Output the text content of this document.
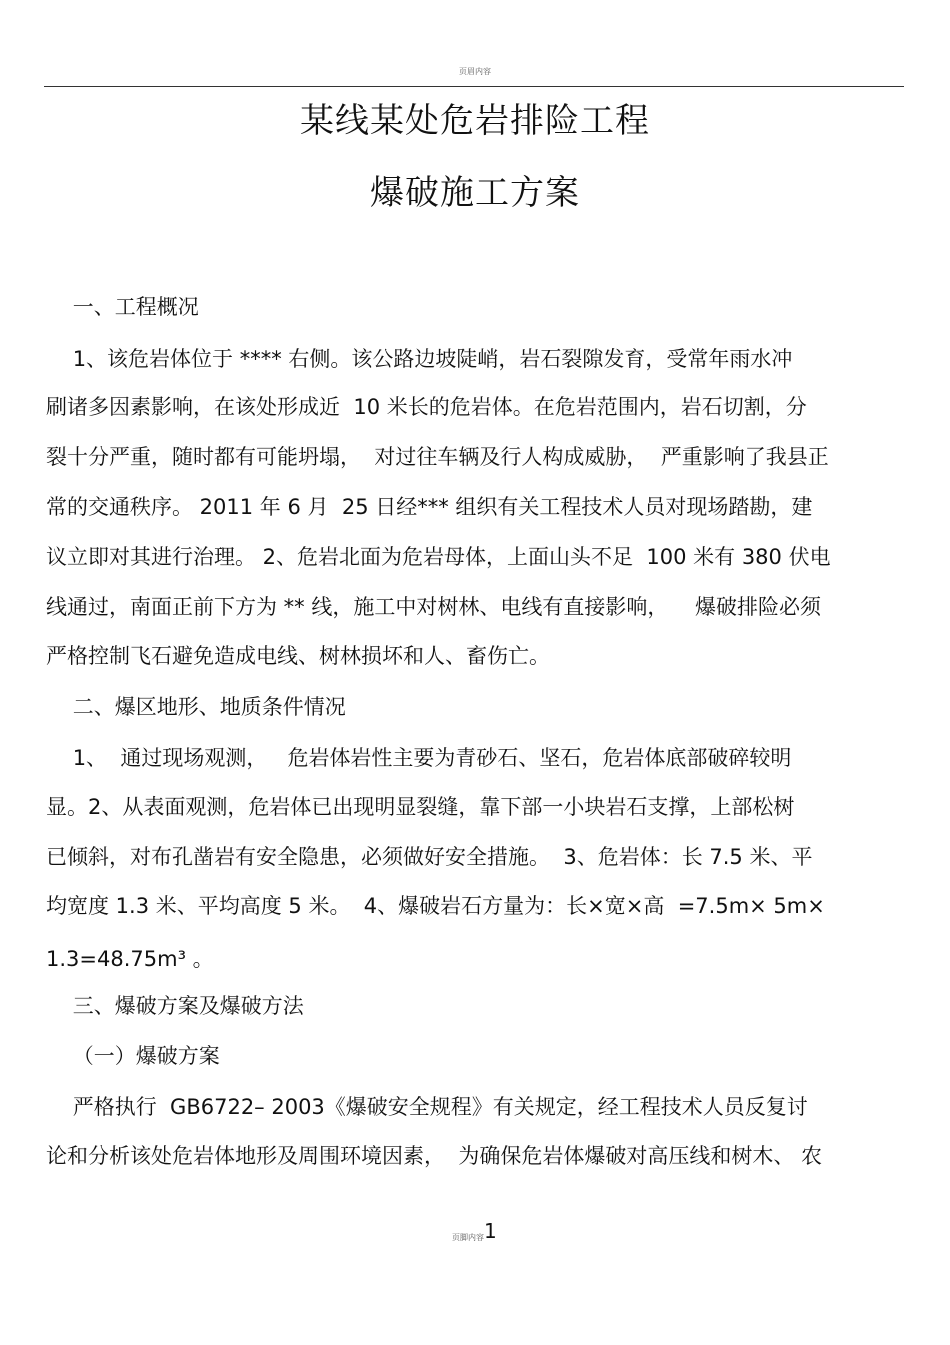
页眉内容
某线某处危岩排险工程
爆破施工方案
一、工程概况
1、该危岩体位于 **** 右侧。该公路边坡陡峭，岩石裂隙发育，受常年雨水冲
刷诸多因素影响，在该处形成近  10 米长的危岩体。在危岩范围内，岩石切割，分
裂十分严重，随时都有可能坍塌，  对过往车辆及行人构成威胁，  严重影响了我县正
常的交通秩序。 2011 年 6 月  25 日经*** 组织有关工程技术人员对现场踏勘，建
议立即对其进行治理。 2、危岩北面为危岩母体，上面山头不足  100 米有 380 伏电
线通过，南面正前下方为 ** 线，施工中对树林、电线有直接影响，    爆破排险必须
严格控制飞石避免造成电线、树林损坏和人、畜伤亡。
二、爆区地形、地质条件情况
1、  通过现场观测，   危岩体岩性主要为青砂石、坚石，危岩体底部破碎较明
显。2、从表面观测，危岩体已出现明显裂缝，靠下部一小块岩石支撑，上部松树
已倾斜，对布孔凿岩有安全隐患，必须做好安全措施。  3、危岩体：长 7.5 米、平
均宽度 1.3 米、平均高度 5 米。  4、爆破岩石方量为：长×宽×高  =7.5m× 5m×
1.3=48.75m³ 。
三、爆破方案及爆破方法
（一）爆破方案
严格执行  GB6722– 2003《爆破安全规程》有关规定，经工程技术人员反复讨
论和分析该处危岩体地形及周围环境因素，  为确保危岩体爆破对高压线和树木、 农
页脚内容 1
